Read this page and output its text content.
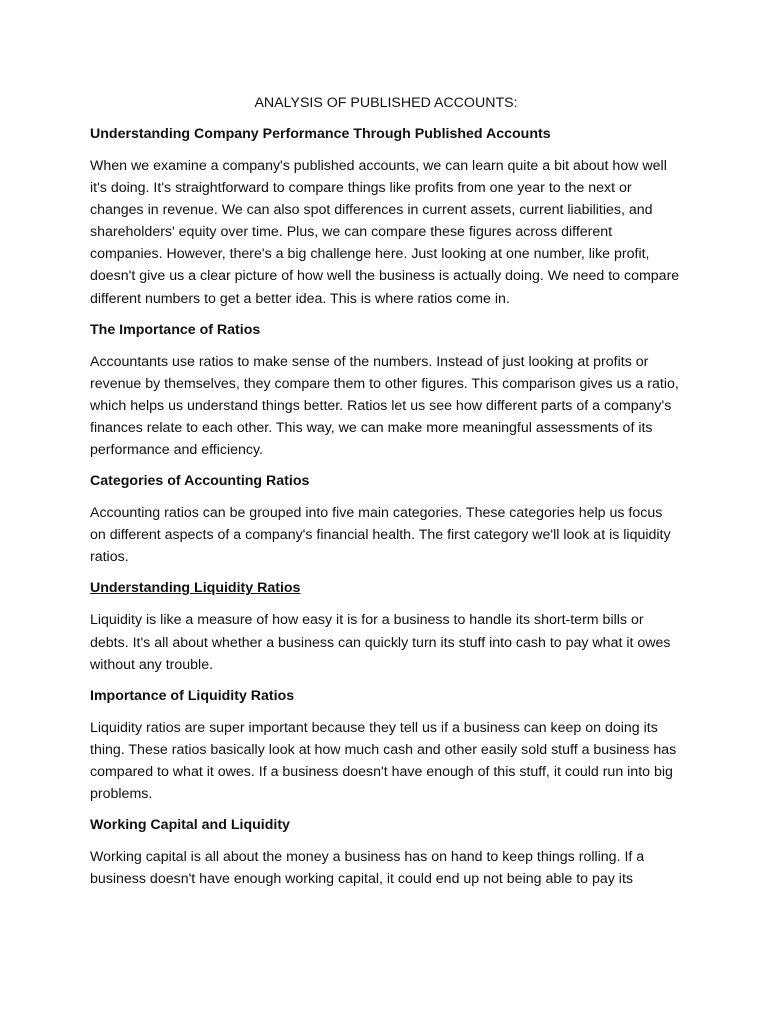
ANALYSIS OF PUBLISHED ACCOUNTS:
Understanding Company Performance Through Published Accounts

When we examine a company's published accounts, we can learn quite a bit about how well it's doing. It's straightforward to compare things like profits from one year to the next or changes in revenue. We can also spot differences in current assets, current liabilities, and shareholders' equity over time. Plus, we can compare these figures across different companies. However, there's a big challenge here. Just looking at one number, like profit, doesn't give us a clear picture of how well the business is actually doing. We need to compare different numbers to get a better idea. This is where ratios come in.

The Importance of Ratios

Accountants use ratios to make sense of the numbers. Instead of just looking at profits or revenue by themselves, they compare them to other figures. This comparison gives us a ratio, which helps us understand things better. Ratios let us see how different parts of a company's finances relate to each other. This way, we can make more meaningful assessments of its performance and efficiency.

Categories of Accounting Ratios

Accounting ratios can be grouped into five main categories. These categories help us focus on different aspects of a company's financial health. The first category we'll look at is liquidity ratios.

Understanding Liquidity Ratios

Liquidity is like a measure of how easy it is for a business to handle its short-term bills or debts. It's all about whether a business can quickly turn its stuff into cash to pay what it owes without any trouble.

Importance of Liquidity Ratios

Liquidity ratios are super important because they tell us if a business can keep on doing its thing. These ratios basically look at how much cash and other easily sold stuff a business has compared to what it owes. If a business doesn't have enough of this stuff, it could run into big problems.

Working Capital and Liquidity

Working capital is all about the money a business has on hand to keep things rolling. If a business doesn't have enough working capital, it could end up not being able to pay its
